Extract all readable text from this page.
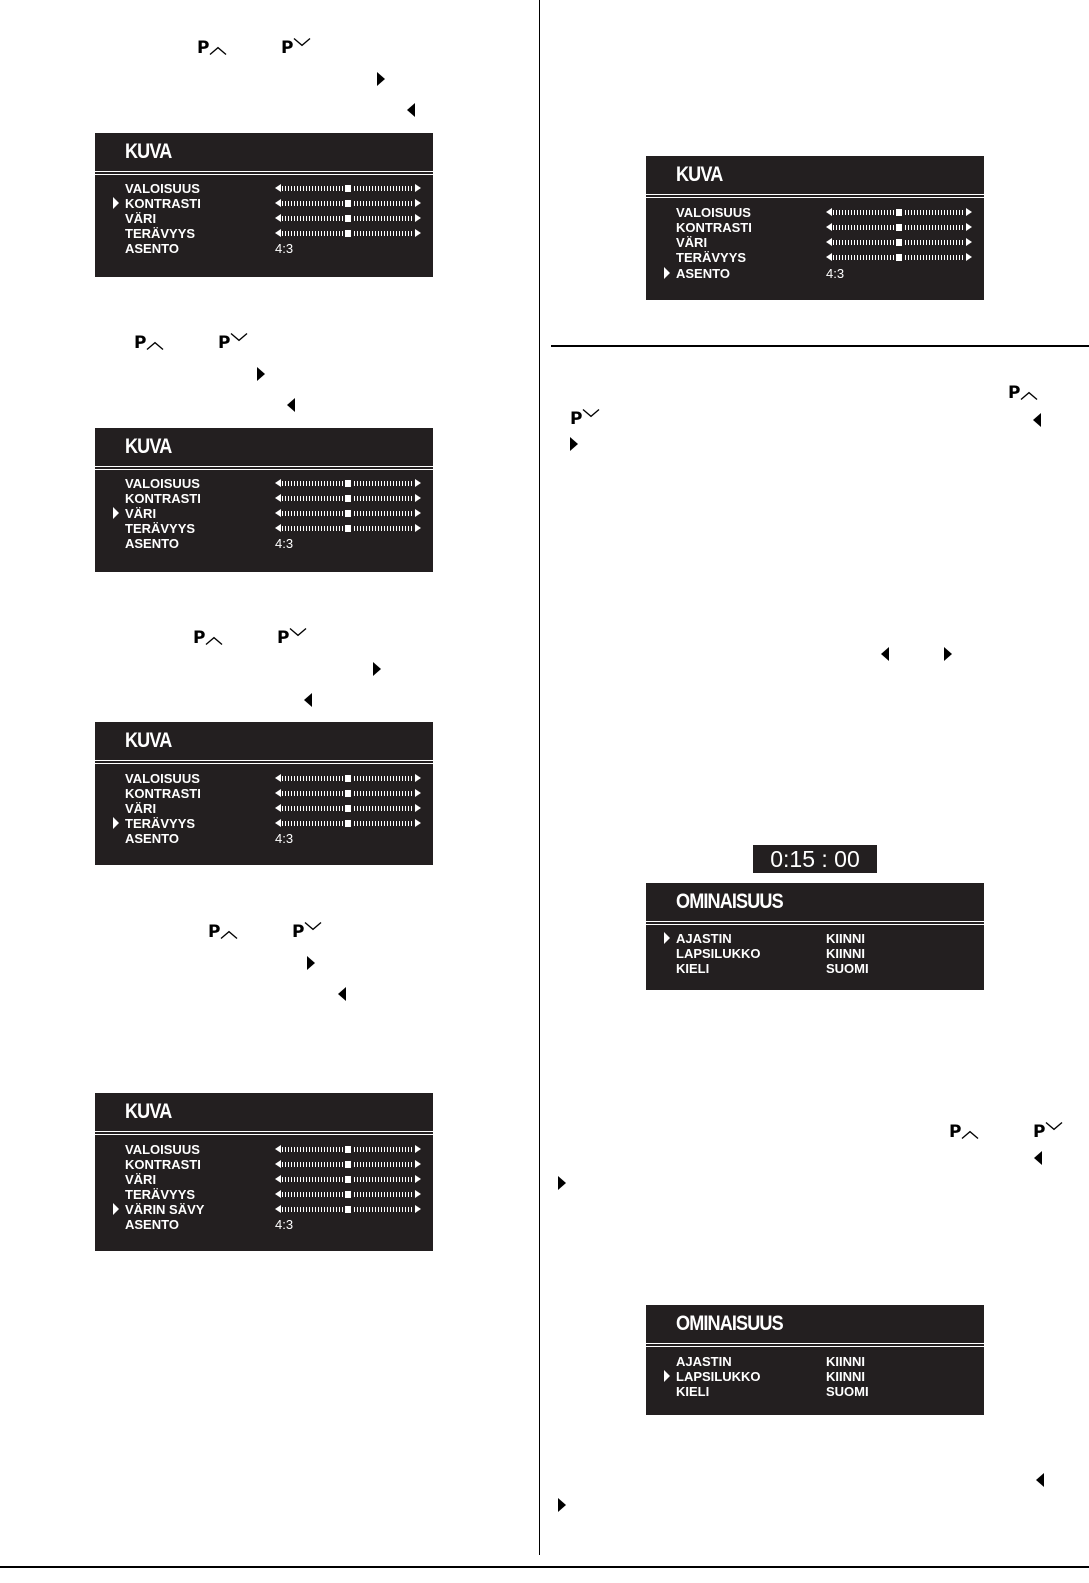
P︿	P﹀
KUVA
VALOISUUS
KONTRASTI
VÄRI
TERÄVYYS
ASENTO	4:3
P︿	P﹀
KUVA
VALOISUUS
KONTRASTI
VÄRI
TERÄVYYS
ASENTO	4:3
P︿	P﹀
KUVA
VALOISUUS
KONTRASTI
VÄRI
TERÄVYYS
ASENTO	4:3
P︿	P﹀
KUVA
VALOISUUS
KONTRASTI
VÄRI
TERÄVYYS
VÄRIN SÄVY
ASENTO	4:3
KUVA
VALOISUUS
KONTRASTI
VÄRI
TERÄVYYS
ASENTO	4:3
P︿
P﹀
0:15 : 00
OMINAISUUS
AJASTIN	KIINNI
LAPSILUKKO	KIINNI
KIELI	SUOMI
P︿	P﹀
OMINAISUUS
AJASTIN	KIINNI
LAPSILUKKO	KIINNI
KIELI	SUOMI
